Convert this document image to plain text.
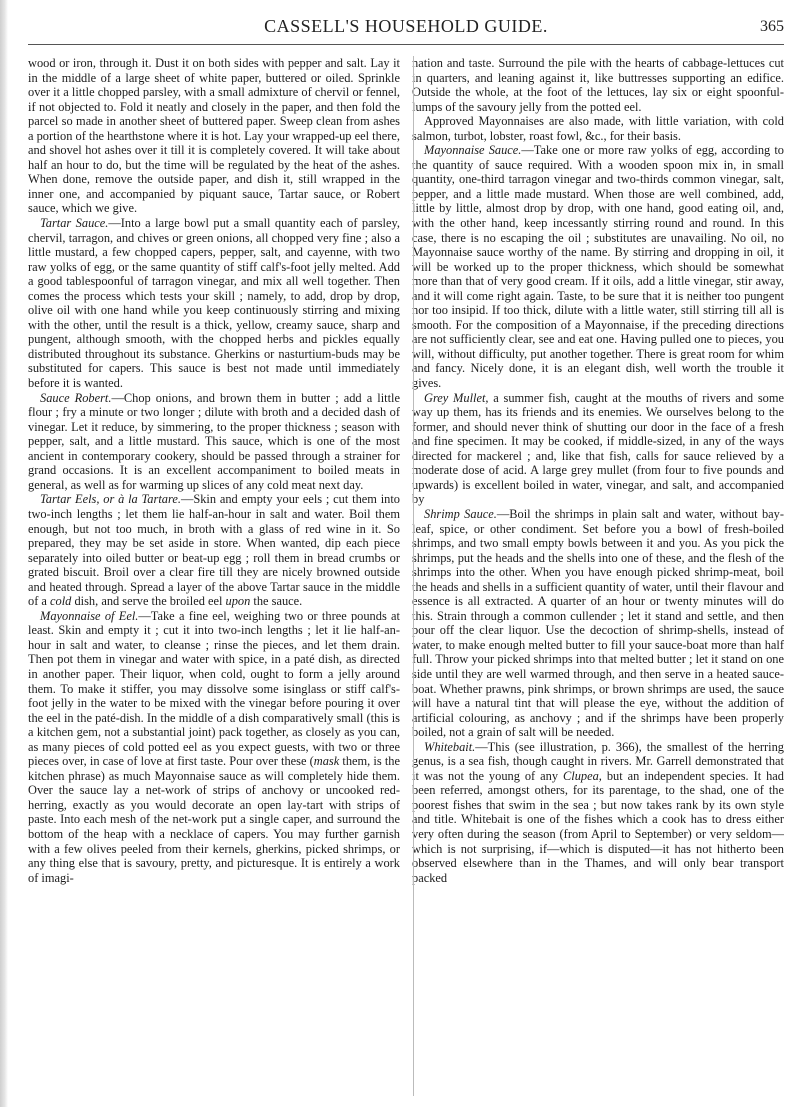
CASSELL'S HOUSEHOLD GUIDE.	365

wood or iron, through it. Dust it on both sides with pepper and salt. Lay it in the middle of a large sheet of white paper, buttered or oiled. Sprinkle over it a little chopped parsley, with a small admixture of chervil or fennel, if not objected to. Fold it neatly and closely in the paper, and then fold the parcel so made in another sheet of buttered paper. Sweep clean from ashes a portion of the hearthstone where it is hot. Lay your wrapped-up eel there, and shovel hot ashes over it till it is completely covered. It will take about half an hour to do, but the time will be regulated by the heat of the ashes. When done, remove the outside paper, and dish it, still wrapped in the inner one, and accompanied by piquant sauce, Tartar sauce, or Robert sauce, which we give.

Tartar Sauce.—Into a large bowl put a small quantity each of parsley, chervil, tarragon, and chives or green onions, all chopped very fine ; also a little mustard, a few chopped capers, pepper, salt, and cayenne, with two raw yolks of egg, or the same quantity of stiff calf's-foot jelly melted. Add a good tablespoonful of tarragon vinegar, and mix all well together. Then comes the process which tests your skill ; namely, to add, drop by drop, olive oil with one hand while you keep continuously stirring and mixing with the other, until the result is a thick, yellow, creamy sauce, sharp and pungent, although smooth, with the chopped herbs and pickles equally distributed throughout its substance. Gherkins or nasturtium-buds may be substituted for capers. This sauce is best not made until immediately before it is wanted.

Sauce Robert.—Chop onions, and brown them in butter ; add a little flour ; fry a minute or two longer ; dilute with broth and a decided dash of vinegar. Let it reduce, by simmering, to the proper thickness ; season with pepper, salt, and a little mustard. This sauce, which is one of the most ancient in contemporary cookery, should be passed through a strainer for grand occasions. It is an excellent accompaniment to boiled meats in general, as well as for warming up slices of any cold meat next day.

Tartar Eels, or à la Tartare.—Skin and empty your eels ; cut them into two-inch lengths ; let them lie half-an-hour in salt and water. Boil them enough, but not too much, in broth with a glass of red wine in it. So prepared, they may be set aside in store. When wanted, dip each piece separately into oiled butter or beat-up egg ; roll them in bread crumbs or grated biscuit. Broil over a clear fire till they are nicely browned outside and heated through. Spread a layer of the above Tartar sauce in the middle of a cold dish, and serve the broiled eel upon the sauce.

Mayonnaise of Eel.—Take a fine eel, weighing two or three pounds at least. Skin and empty it ; cut it into two-inch lengths ; let it lie half-an-hour in salt and water, to cleanse ; rinse the pieces, and let them drain. Then pot them in vinegar and water with spice, in a paté dish, as directed in another paper. Their liquor, when cold, ought to form a jelly around them. To make it stiffer, you may dissolve some isinglass or stiff calf's-foot jelly in the water to be mixed with the vinegar before pouring it over the eel in the paté-dish. In the middle of a dish comparatively small (this is a kitchen gem, not a substantial joint) pack together, as closely as you can, as many pieces of cold potted eel as you expect guests, with two or three pieces over, in case of love at first taste. Pour over these (mask them, is the kitchen phrase) as much Mayonnaise sauce as will completely hide them. Over the sauce lay a net-work of strips of anchovy or uncooked red-herring, exactly as you would decorate an open lay-tart with strips of paste. Into each mesh of the net-work put a single caper, and surround the bottom of the heap with a necklace of capers. You may further garnish with a few olives peeled from their kernels, gherkins, picked shrimps, or any thing else that is savoury, pretty, and picturesque. It is entirely a work of imagi-

nation and taste. Surround the pile with the hearts of cabbage-lettuces cut in quarters, and leaning against it, like buttresses supporting an edifice. Outside the whole, at the foot of the lettuces, lay six or eight spoonful-lumps of the savoury jelly from the potted eel.

Approved Mayonnaises are also made, with little variation, with cold salmon, turbot, lobster, roast fowl, &c., for their basis.

Mayonnaise Sauce.—Take one or more raw yolks of egg, according to the quantity of sauce required. With a wooden spoon mix in, in small quantity, one-third tarragon vinegar and two-thirds common vinegar, salt, pepper, and a little made mustard. When those are well combined, add, little by little, almost drop by drop, with one hand, good eating oil, and, with the other hand, keep incessantly stirring round and round. In this case, there is no escaping the oil ; substitutes are unavailing. No oil, no Mayonnaise sauce worthy of the name. By stirring and dropping in oil, it will be worked up to the proper thickness, which should be somewhat more than that of very good cream. If it oils, add a little vinegar, stir away, and it will come right again. Taste, to be sure that it is neither too pungent nor too insipid. If too thick, dilute with a little water, still stirring till all is smooth. For the composition of a Mayonnaise, if the preceding directions are not sufficiently clear, see and eat one. Having pulled one to pieces, you will, without difficulty, put another together. There is great room for whim and fancy. Nicely done, it is an elegant dish, well worth the trouble it gives.

Grey Mullet, a summer fish, caught at the mouths of rivers and some way up them, has its friends and its enemies. We ourselves belong to the former, and should never think of shutting our door in the face of a fresh and fine specimen. It may be cooked, if middle-sized, in any of the ways directed for mackerel ; and, like that fish, calls for sauce relieved by a moderate dose of acid. A large grey mullet (from four to five pounds and upwards) is excellent boiled in water, vinegar, and salt, and accompanied by

Shrimp Sauce.—Boil the shrimps in plain salt and water, without bay-leaf, spice, or other condiment. Set before you a bowl of fresh-boiled shrimps, and two small empty bowls between it and you. As you pick the shrimps, put the heads and the shells into one of these, and the flesh of the shrimps into the other. When you have enough picked shrimp-meat, boil the heads and shells in a sufficient quantity of water, until their flavour and essence is all extracted. A quarter of an hour or twenty minutes will do this. Strain through a common cullender ; let it stand and settle, and then pour off the clear liquor. Use the decoction of shrimp-shells, instead of water, to make enough melted butter to fill your sauce-boat more than half full. Throw your picked shrimps into that melted butter ; let it stand on one side until they are well warmed through, and then serve in a heated sauce-boat. Whether prawns, pink shrimps, or brown shrimps are used, the sauce will have a natural tint that will please the eye, without the addition of artificial colouring, as anchovy ; and if the shrimps have been properly boiled, not a grain of salt will be needed.

Whitebait.—This (see illustration, p. 366), the smallest of the herring genus, is a sea fish, though caught in rivers. Mr. Garrell demonstrated that it was not the young of any Clupea, but an independent species. It had been referred, amongst others, for its parentage, to the shad, one of the poorest fishes that swim in the sea ; but now takes rank by its own style and title. Whitebait is one of the fishes which a cook has to dress either very often during the season (from April to September) or very seldom—which is not surprising, if—which is disputed—it has not hitherto been observed elsewhere than in the Thames, and will only bear transport packed
